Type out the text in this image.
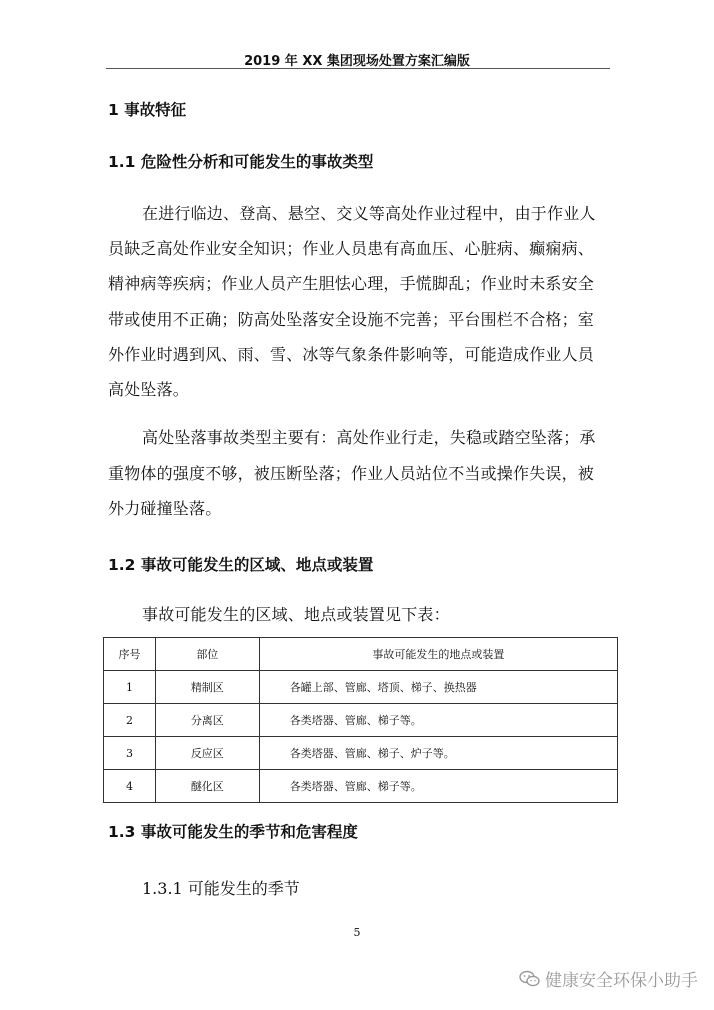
2019 年 XX 集团现场处置方案汇编版
1 事故特征
1.1 危险性分析和可能发生的事故类型
在进行临边、登高、悬空、交义等高处作业过程中，由于作业人
员缺乏高处作业安全知识；作业人员患有高血压、心脏病、癫痫病、
精神病等疾病；作业人员产生胆怯心理，手慌脚乱；作业时未系安全
带或使用不正确；防高处坠落安全设施不完善；平台围栏不合格；室
外作业时遇到风、雨、雪、冰等气象条件影响等，可能造成作业人员
高处坠落。
高处坠落事故类型主要有：高处作业行走，失稳或踏空坠落；承
重物体的强度不够，被压断坠落；作业人员站位不当或操作失误，被
外力碰撞坠落。
1.2 事故可能发生的区域、地点或装置
事故可能发生的区域、地点或装置见下表：
序号	部位	事故可能发生的地点或装置
1	精制区	各罐上部、管廊、塔顶、梯子、换热器
2	分离区	各类塔器、管廊、梯子等。
3	反应区	各类塔器、管廊、梯子、炉子等。
4	醚化区	各类塔器、管廊、梯子等。
1.3 事故可能发生的季节和危害程度
1.3.1 可能发生的季节
5
健康安全环保小助手
